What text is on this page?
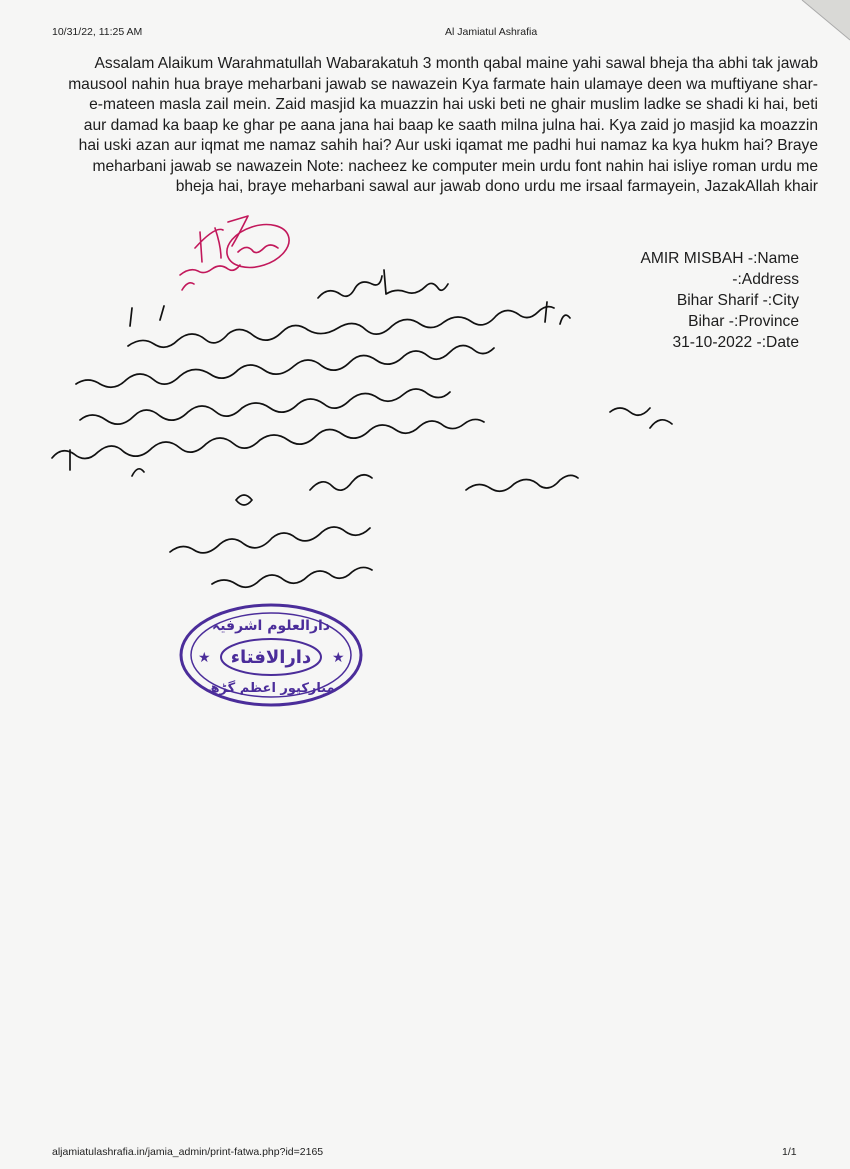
10/31/22, 11:25 AM	Al Jamiatul Ashrafia

Assalam Alaikum Warahmatullah Wabarakatuh 3 month qabal maine yahi sawal bheja tha abhi tak jawab mausool nahin hua braye meharbani jawab se nawazein Kya farmate hain ulamaye deen wa muftiyane shar-e-mateen masla zail mein. Zaid masjid ka muazzin hai uski beti ne ghair muslim ladke se shadi ki hai, beti aur damad ka baap ke ghar pe aana jana hai baap ke saath milna julna hai. Kya zaid jo masjid ka moazzin hai uski azan aur iqmat me namaz sahih hai? Aur uski iqamat me padhi hui namaz ka kya hukm hai? Braye meharbani jawab se nawazein Note: nacheez ke computer mein urdu font nahin hai isliye roman urdu me bheja hai, braye meharbani sawal aur jawab dono urdu me irsaal farmayein, JazakAllah khair

AMIR MISBAH -:Name
-:Address
Bihar Sharif -:City
Bihar -:Province
31-10-2022 -:Date
★	★
دارالعلوم اشرفیہ
دارالافتاء
مبارکپور اعظم گڑھ
aljamiatulashrafia.in/jamia_admin/print-fatwa.php?id=2165	1/1
